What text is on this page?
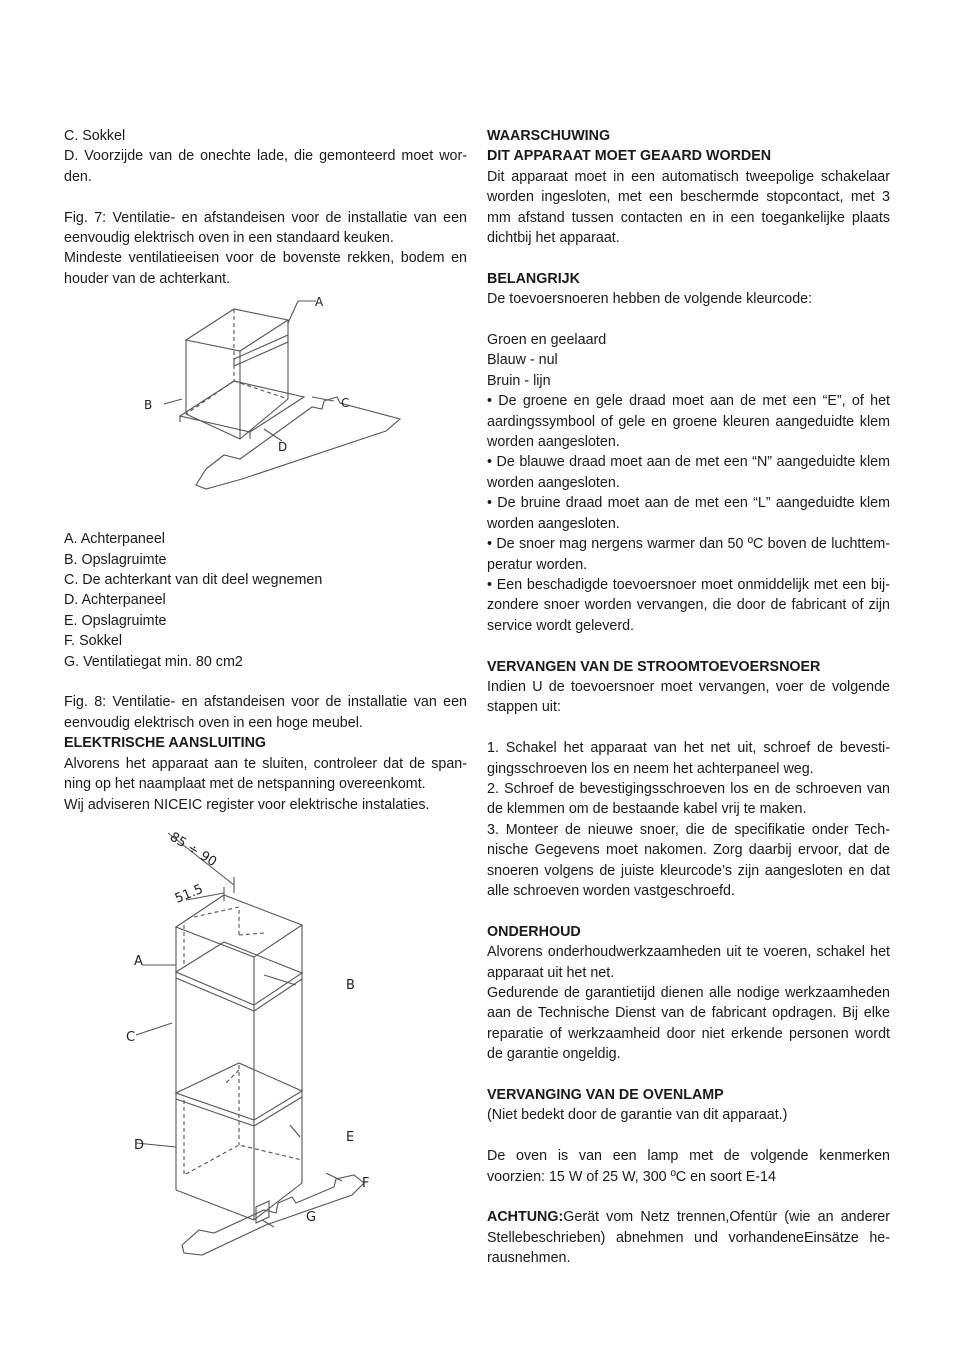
C. Sokkel

D. Voorzijde van de onechte lade, die gemonteerd moet wor-den.

Fig. 7: Ventilatie- en afstandeisen voor de installatie van een eenvoudig elektrisch oven in een standaard keuken.

Mindeste ventilatieeisen voor de bovenste rekken, bodem en houder van de achterkant.

A
B	C
D

A. Achterpaneel

B. Opslagruimte

C. De achterkant van dit deel wegnemen

D. Achterpaneel

E. Opslagruimte

F. Sokkel

G. Ventilatiegat min. 80 cm2

Fig. 8: Ventilatie- en afstandeisen voor de installatie van een eenvoudig elektrisch oven in een hoge meubel.

ELEKTRISCHE AANSLUITING

Alvorens het apparaat aan te sluiten, controleer dat de span-ning op het naamplaat met de netspanning overeenkomt.

Wij adviseren NICEIC register voor elektrische instalaties.

85 ÷ 90
51.5
A
B
C
D
E
F
G

WAARSCHUWING

DIT APPARAAT MOET GEAARD WORDEN

Dit apparaat moet in een automatisch tweepolige schakelaar worden ingesloten, met een beschermde stopcontact, met 3 mm afstand tussen contacten en in een toegankelijke plaats dichtbij het apparaat.

BELANGRIJK

De toevoersnoeren hebben de volgende kleurcode:

Groen en geelaard

Blauw - nul

Bruin - lijn

• De groene en gele draad moet aan de met een “E”, of het aardingssymbool of gele en groene kleuren aangeduidte klem worden aangesloten.

• De blauwe draad moet aan de met een “N” aangeduidte klem worden aangesloten.

• De bruine draad moet aan de met een “L” aangeduidte klem worden aangesloten.

• De snoer mag nergens warmer dan 50 ºC boven de luchttem-peratur worden.

• Een beschadigde toevoersnoer moet onmiddelijk met een bij-zondere snoer worden vervangen, die door de fabricant of zijn service wordt geleverd.

VERVANGEN VAN DE STROOMTOEVOERSNOER

Indien U de toevoersnoer moet vervangen, voer de volgende stappen uit:

1. Schakel het apparaat van het net uit, schroef de bevesti-gingsschroeven los en neem het achterpaneel weg.

2. Schroef de bevestigingsschroeven los en de schroeven van de klemmen om de bestaande kabel vrij te maken.

3. Monteer de nieuwe snoer, die de specifikatie onder Tech-nische Gegevens moet nakomen. Zorg daarbij ervoor, dat de snoeren volgens de juiste kleurcode’s zijn aangesloten en dat alle schroeven worden vastgeschroefd.

ONDERHOUD

Alvorens onderhoudwerkzaamheden uit te voeren, schakel het apparaat uit het net.

Gedurende de garantietijd dienen alle nodige werkzaamheden aan de Technische Dienst van de fabricant opdragen. Bij elke reparatie of werkzaamheid door niet erkende personen wordt de garantie ongeldig.

VERVANGING VAN DE OVENLAMP

(Niet bedekt door de garantie van dit apparaat.)

De oven is van een lamp met de volgende kenmerken voorzien: 15 W of 25 W, 300 ºC en soort E-14

ACHTUNG:Gerät vom Netz trennen,Ofentür (wie an anderer Stellebeschrieben) abnehmen und vorhandeneEinsätze he-rausnehmen.
